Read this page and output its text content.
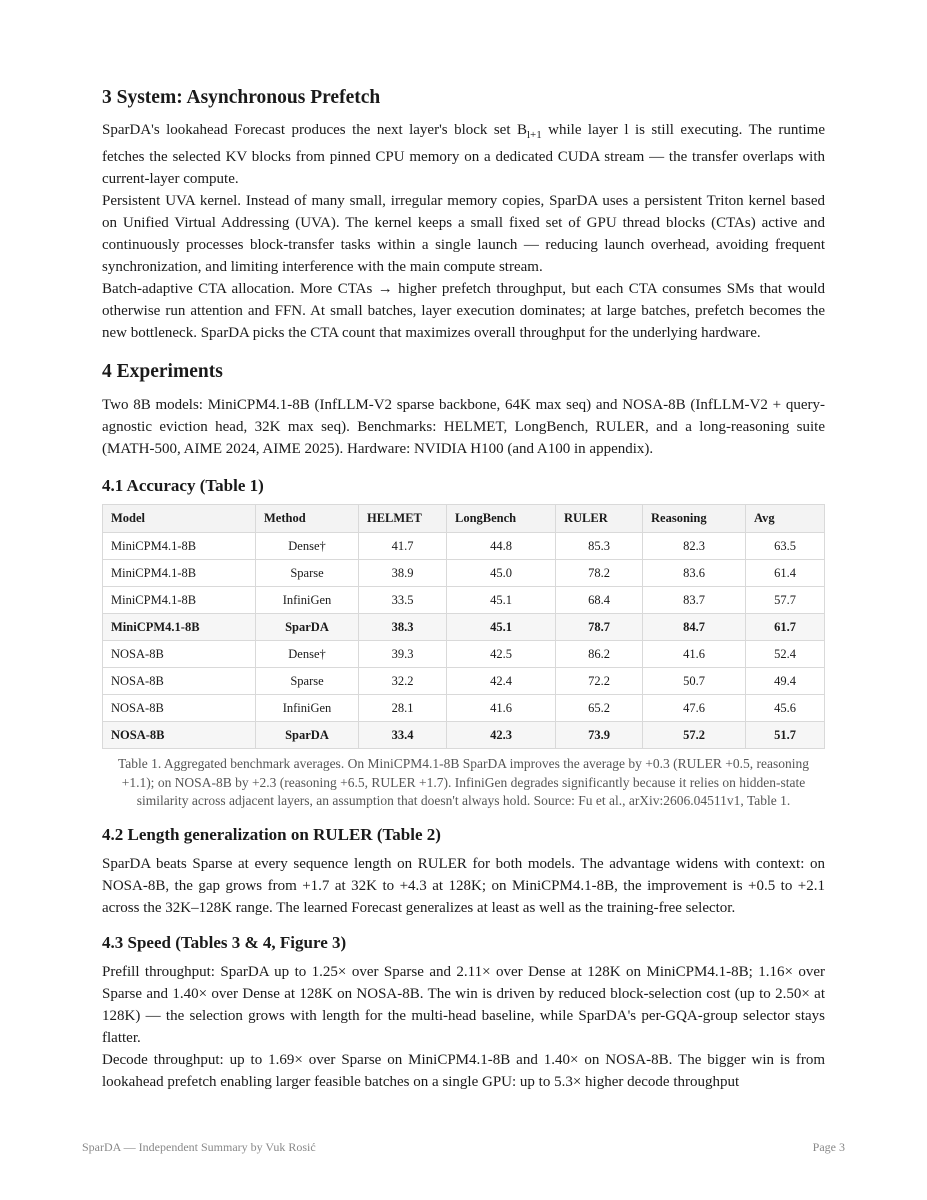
3 System: Asynchronous Prefetch

SparDA's lookahead Forecast produces the next layer's block set $B_{l+1}$ while layer l is still executing. The runtime fetches the selected KV blocks from pinned CPU memory on a dedicated CUDA stream — the transfer overlaps with current-layer compute.

Persistent UVA kernel. Instead of many small, irregular memory copies, SparDA uses a persistent Triton kernel based on Unified Virtual Addressing (UVA). The kernel keeps a small fixed set of GPU thread blocks (CTAs) active and continuously processes block-transfer tasks within a single launch — reducing launch overhead, avoiding frequent synchronization, and limiting interference with the main compute stream.

Batch-adaptive CTA allocation. More CTAs → higher prefetch throughput, but each CTA consumes SMs that would otherwise run attention and FFN. At small batches, layer execution dominates; at large batches, prefetch becomes the new bottleneck. SparDA picks the CTA count that maximizes overall throughput for the underlying hardware.

4 Experiments

Two 8B models: MiniCPM4.1-8B (InfLLM-V2 sparse backbone, 64K max seq) and NOSA-8B (InfLLM-V2 + query-agnostic eviction head, 32K max seq). Benchmarks: HELMET, LongBench, RULER, and a long-reasoning suite (MATH-500, AIME 2024, AIME 2025). Hardware: NVIDIA H100 (and A100 in appendix).

4.1 Accuracy (Table 1)
Model	Method	HELMET	LongBench	RULER	Reasoning	Avg
MiniCPM4.1-8B	Dense†	41.7	44.8	85.3	82.3	63.5
MiniCPM4.1-8B	Sparse	38.9	45.0	78.2	83.6	61.4
MiniCPM4.1-8B	InfiniGen	33.5	45.1	68.4	83.7	57.7
MiniCPM4.1-8B	SparDA	38.3	45.1	78.7	84.7	61.7
NOSA-8B	Dense†	39.3	42.5	86.2	41.6	52.4
NOSA-8B	Sparse	32.2	42.4	72.2	50.7	49.4
NOSA-8B	InfiniGen	28.1	41.6	65.2	47.6	45.6
NOSA-8B	SparDA	33.4	42.3	73.9	57.2	51.7
Table 1. Aggregated benchmark averages. On MiniCPM4.1-8B SparDA improves the average by +0.3 (RULER +0.5, reasoning +1.1); on NOSA-8B by +2.3 (reasoning +6.5, RULER +1.7). InfiniGen degrades significantly because it relies on hidden-state similarity across adjacent layers, an assumption that doesn't always hold. Source: Fu et al., arXiv:2606.04511v1, Table 1.
4.2 Length generalization on RULER (Table 2)

SparDA beats Sparse at every sequence length on RULER for both models. The advantage widens with context: on NOSA-8B, the gap grows from +1.7 at 32K to +4.3 at 128K; on MiniCPM4.1-8B, the improvement is +0.5 to +2.1 across the 32K–128K range. The learned Forecast generalizes at least as well as the training-free selector.

4.3 Speed (Tables 3 & 4, Figure 3)

Prefill throughput: SparDA up to 1.25× over Sparse and 2.11× over Dense at 128K on MiniCPM4.1-8B; 1.16× over Sparse and 1.40× over Dense at 128K on NOSA-8B. The win is driven by reduced block-selection cost (up to 2.50× at 128K) — the selection grows with length for the multi-head baseline, while SparDA's per-GQA-group selector stays flatter.

Decode throughput: up to 1.69× over Sparse on MiniCPM4.1-8B and 1.40× on NOSA-8B. The bigger win is from lookahead prefetch enabling larger feasible batches on a single GPU: up to 5.3× higher decode throughput

SparDA — Independent Summary by Vuk Rosić	Page 3
